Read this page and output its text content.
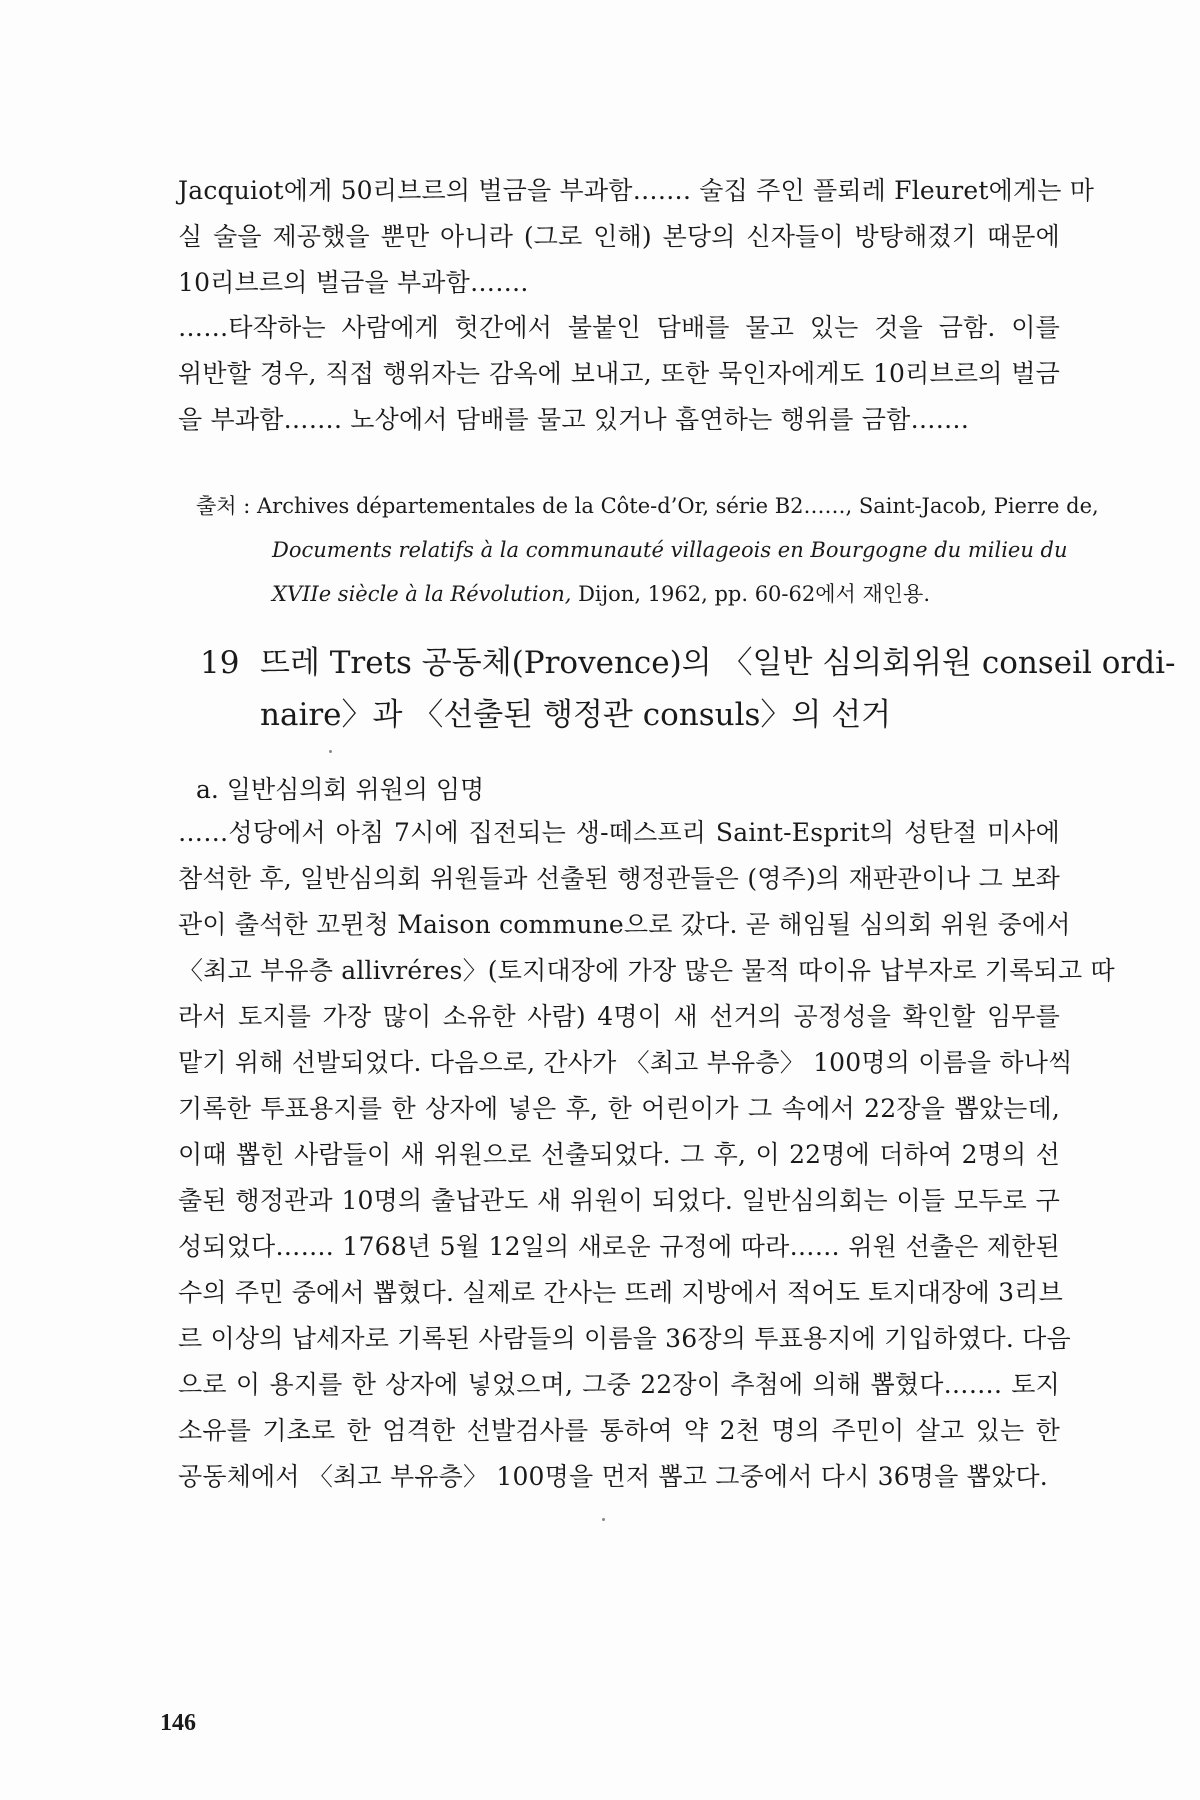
Jacquiot에게 50리브르의 벌금을 부과함……. 술집 주인 플뢰레 Fleuret에게는 마
실 술을 제공했을 뿐만 아니라 (그로 인해) 본당의 신자들이 방탕해졌기 때문에
10리브르의 벌금을 부과함…….

……타작하는 사람에게 헛간에서 불붙인 담배를 물고 있는 것을 금함. 이를
위반할 경우, 직접 행위자는 감옥에 보내고, 또한 묵인자에게도 10리브르의 벌금
을 부과함……. 노상에서 담배를 물고 있거나 흡연하는 행위를 금함…….

출처 : Archives départementales de la Côte-d’Or, série B2……, Saint-Jacob, Pierre de,
Documents relatifs à la communauté villageois en Bourgogne du milieu du
XVIIe siècle à la Révolution, Dijon, 1962, pp. 60-62에서 재인용.
19 뜨레 Trets 공동체(Provence)의 〈일반 심의회위원 conseil ordi-
naire〉과 〈선출된 행정관 consuls〉의 선거

a. 일반심의회 위원의 임명

……성당에서 아침 7시에 집전되는 생-떼스프리 Saint-Esprit의 성탄절 미사에
참석한 후, 일반심의회 위원들과 선출된 행정관들은 (영주)의 재판관이나 그 보좌
관이 출석한 꼬뮌청 Maison commune으로 갔다. 곧 해임될 심의회 위원 중에서
〈최고 부유층 allivréres〉(토지대장에 가장 많은 물적 따이유 납부자로 기록되고 따
라서 토지를 가장 많이 소유한 사람) 4명이 새 선거의 공정성을 확인할 임무를
맡기 위해 선발되었다. 다음으로, 간사가 〈최고 부유층〉 100명의 이름을 하나씩
기록한 투표용지를 한 상자에 넣은 후, 한 어린이가 그 속에서 22장을 뽑았는데,
이때 뽑힌 사람들이 새 위원으로 선출되었다. 그 후, 이 22명에 더하여 2명의 선
출된 행정관과 10명의 출납관도 새 위원이 되었다. 일반심의회는 이들 모두로 구
성되었다……. 1768년 5월 12일의 새로운 규정에 따라…… 위원 선출은 제한된
수의 주민 중에서 뽑혔다. 실제로 간사는 뜨레 지방에서 적어도 토지대장에 3리브
르 이상의 납세자로 기록된 사람들의 이름을 36장의 투표용지에 기입하였다. 다음
으로 이 용지를 한 상자에 넣었으며, 그중 22장이 추첨에 의해 뽑혔다……. 토지
소유를 기초로 한 엄격한 선발검사를 통하여 약 2천 명의 주민이 살고 있는 한
공동체에서 〈최고 부유층〉 100명을 먼저 뽑고 그중에서 다시 36명을 뽑았다.

146
